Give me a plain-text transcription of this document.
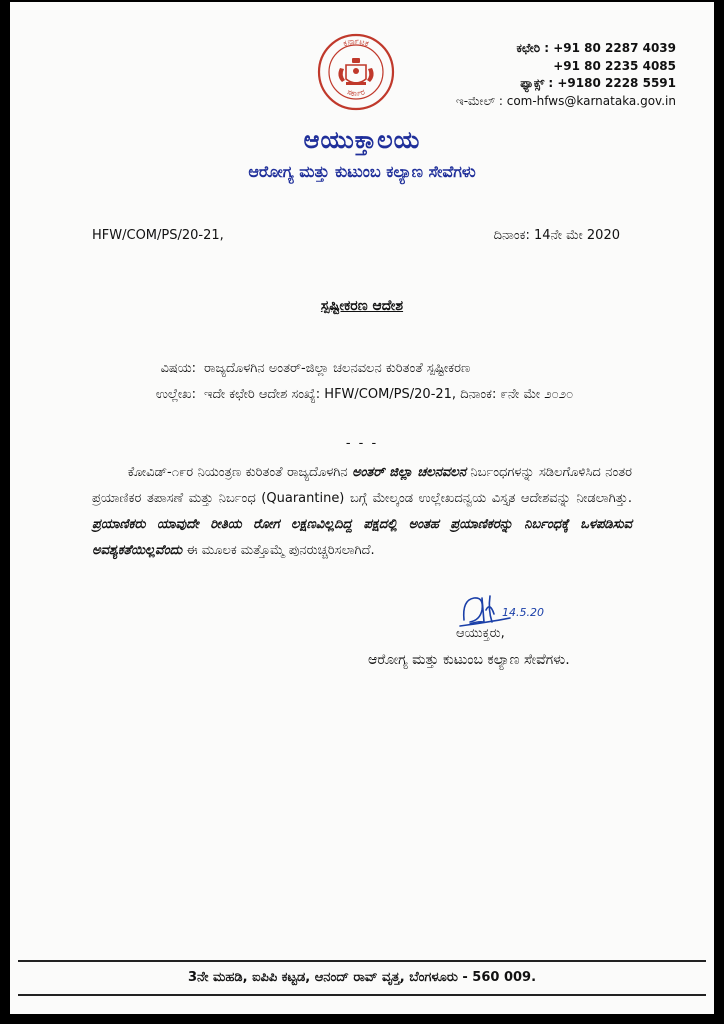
ಕರ್ನಾಟಕ
ಸರ್ಕಾರ
ಕಛೇರಿ : +91 80 2287 4039
+91 80 2235 4085
ಫ್ಯಾಕ್ಸ್ : +9180 2228 5591
ಇ-ಮೇಲ್ : com-hfws@karnataka.gov.in
ಆಯುಕ್ತಾಲಯ
ಆರೋಗ್ಯ ಮತ್ತು ಕುಟುಂಬ ಕಲ್ಯಾಣ ಸೇವೆಗಳು
HFW/COM/PS/20-21,	ದಿನಾಂಕ: 14ನೇ ಮೇ 2020
ಸ್ಪಷ್ಟೀಕರಣ ಆದೇಶ
ವಿಷಯ: ರಾಜ್ಯದೊಳಗಿನ ಅಂತರ್-ಜಿಲ್ಲಾ ಚಲನವಲನ ಕುರಿತಂತೆ ಸ್ಪಷ್ಟೀಕರಣ
ಉಲ್ಲೇಖ: ಇದೇ ಕಛೇರಿ ಆದೇಶ ಸಂಖ್ಯೆ: HFW/COM/PS/20-21, ದಿನಾಂಕ: ೯ನೇ ಮೇ ೨೦೨೦
- - -
ಕೋವಿಡ್-೧೯ರ ನಿಯಂತ್ರಣ ಕುರಿತಂತೆ ರಾಜ್ಯದೊಳಗಿನ ಅಂತರ್ ಜಿಲ್ಲಾ ಚಲನವಲನ ನಿರ್ಬಂಧಗಳನ್ನು ಸಡಿಲಗೊಳಿಸಿದ ನಂತರ ಪ್ರಯಾಣಿಕರ ತಪಾಸಣೆ ಮತ್ತು ನಿರ್ಬಂಧ (Quarantine) ಬಗ್ಗೆ ಮೇಲ್ಕಂಡ ಉಲ್ಲೇಖದನ್ವಯ ವಿಸ್ತೃತ ಆದೇಶವನ್ನು ನೀಡಲಾಗಿತ್ತು. ಪ್ರಯಾಣಿಕರು ಯಾವುದೇ ರೀತಿಯ ರೋಗ ಲಕ್ಷಣವಿಲ್ಲದಿದ್ದ ಪಕ್ಷದಲ್ಲಿ ಅಂತಹ ಪ್ರಯಾಣಿಕರನ್ನು ನಿರ್ಬಂಧಕ್ಕೆ ಒಳಪಡಿಸುವ ಅವಶ್ಯಕತೆಯಿಲ್ಲವೆಂದು ಈ ಮೂಲಕ ಮತ್ತೊಮ್ಮೆ ಪುನರುಚ್ಚರಿಸಲಾಗಿದೆ.
14.5.20
ಆಯುಕ್ತರು,
ಆರೋಗ್ಯ ಮತ್ತು ಕುಟುಂಬ ಕಲ್ಯಾಣ ಸೇವೆಗಳು.
3ನೇ ಮಹಡಿ, ಐಪಿಪಿ ಕಟ್ಟಡ, ಆನಂದ್ ರಾವ್ ವೃತ್ತ, ಬೆಂಗಳೂರು - 560 009.
